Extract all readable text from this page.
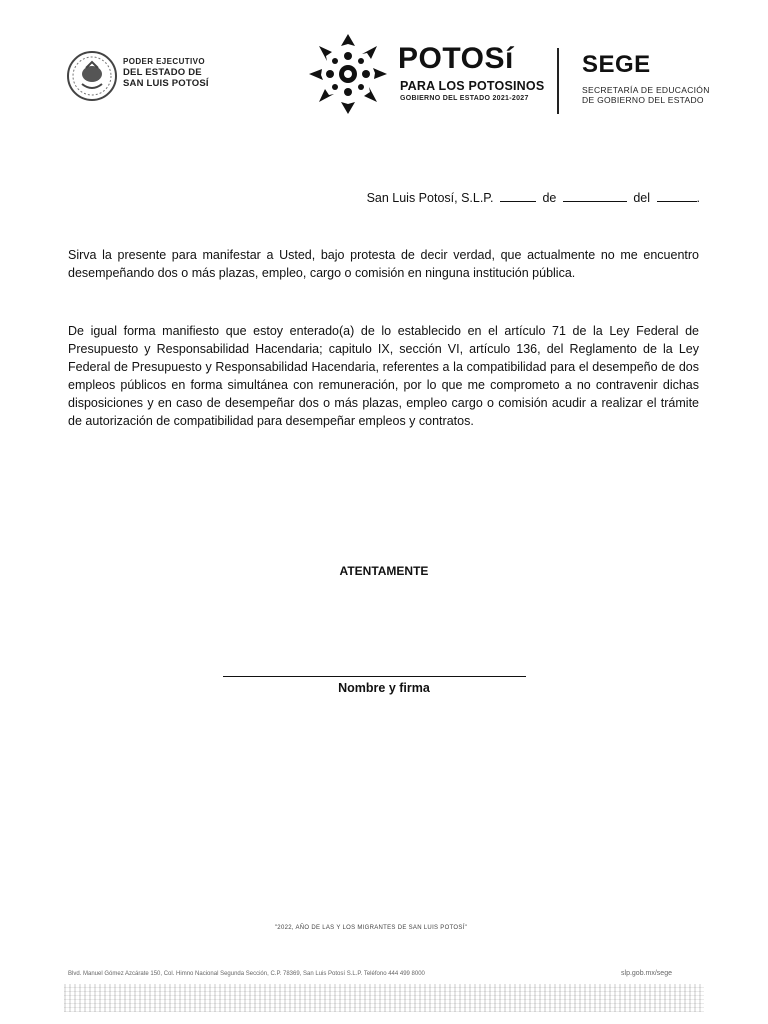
PODER EJECUTIVO
DEL ESTADO DE
SAN LUIS POTOSÍ
POTOSí
PARA LOS POTOSINOS
GOBIERNO DEL ESTADO 2021-2027
SEGE
SECRETARÍA DE EDUCACIÓN
DE GOBIERNO DEL ESTADO
San Luis Potosí, S.L.P.	de	del	.
Sirva la presente para manifestar a Usted, bajo protesta de decir verdad, que actualmente no me encuentro desempeñando dos o más plazas, empleo, cargo o comisión en ninguna institución pública.
De igual forma manifiesto que estoy enterado(a) de lo establecido en el artículo 71 de la Ley Federal de Presupuesto y Responsabilidad Hacendaria; capitulo IX, sección VI, artículo 136, del Reglamento de la Ley Federal de Presupuesto y Responsabilidad Hacendaria, referentes a la compatibilidad para el desempeño de dos empleos públicos en forma simultánea con remuneración, por lo que me comprometo a no contravenir dichas disposiciones y en caso de desempeñar dos o más plazas, empleo cargo o comisión acudir a realizar el trámite de autorización de compatibilidad para desempeñar empleos y contratos.
ATENTAMENTE
Nombre y firma
"2022, AÑO DE LAS Y LOS MIGRANTES DE SAN LUIS POTOSÍ"
Blvd. Manuel Gómez Azcárate 150, Col. Himno Nacional Segunda Sección, C.P. 78369, San Luis Potosí S.L.P. Teléfono 444 499 8000	slp.gob.mx/sege
